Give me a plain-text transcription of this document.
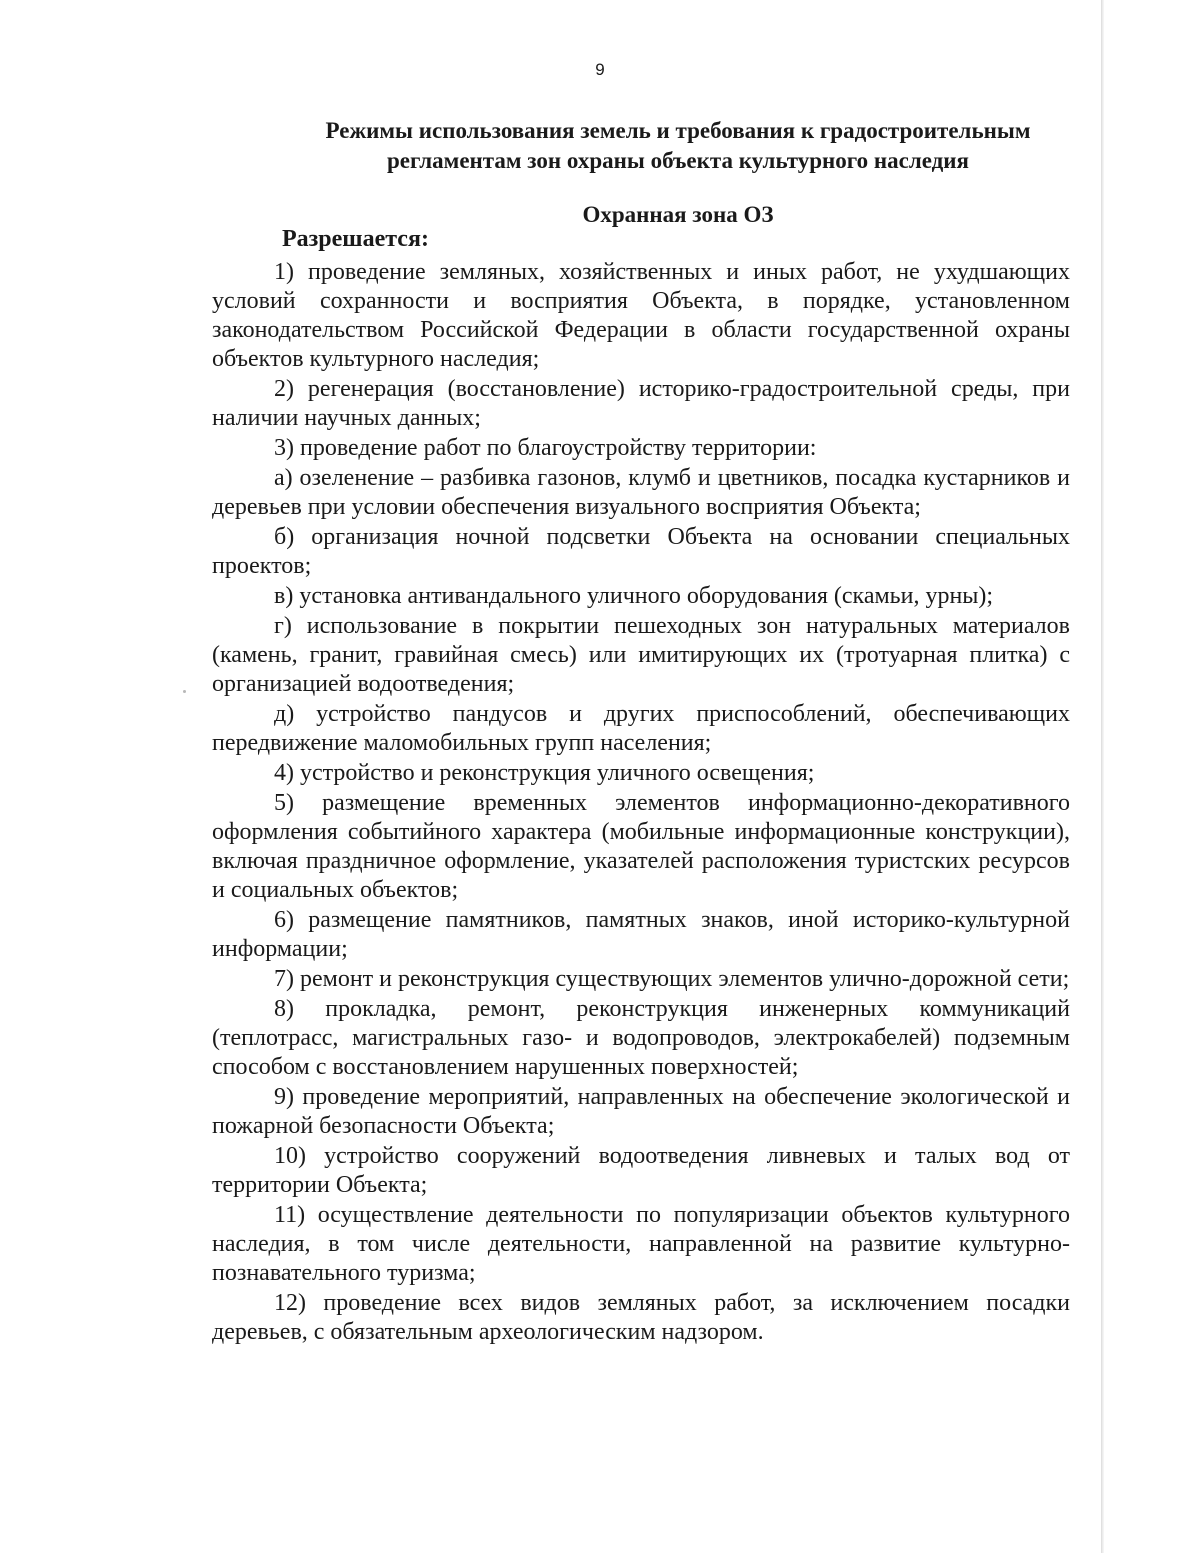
9
Режимы использования земель и требования к градостроительным
регламентам зон охраны объекта культурного наследия
Охранная зона ОЗ
Разрешается:

1) проведение земляных, хозяйственных и иных работ, не ухудшающих условий сохранности и восприятия Объекта, в порядке, установленном законодательством Российской Федерации в области государственной охраны объектов культурного наследия;

2) регенерация (восстановление) историко-градостроительной среды, при наличии научных данных;

3) проведение работ по благоустройству территории:

а) озеленение – разбивка газонов, клумб и цветников, посадка кустарников и деревьев при условии обеспечения визуального восприятия Объекта;

б) организация ночной подсветки Объекта на основании специальных проектов;

в) установка антивандального уличного оборудования (скамьи, урны);

г) использование в покрытии пешеходных зон натуральных материалов (камень, гранит, гравийная смесь) или имитирующих их (тротуарная плитка) с организацией водоотведения;

д) устройство пандусов и других приспособлений, обеспечивающих передвижение маломобильных групп населения;

4) устройство и реконструкция уличного освещения;

5) размещение временных элементов информационно-декоративного оформления событийного характера (мобильные информационные конструкции), включая праздничное оформление, указателей расположения туристских ресурсов и социальных объектов;

6) размещение памятников, памятных знаков, иной историко-культурной информации;

7) ремонт и реконструкция существующих элементов улично-дорожной сети;

8) прокладка, ремонт, реконструкция инженерных коммуникаций (теплотрасс, магистральных газо- и водопроводов, электрокабелей) подземным способом с восстановлением нарушенных поверхностей;

9) проведение мероприятий, направленных на обеспечение экологической и пожарной безопасности Объекта;

10) устройство сооружений водоотведения ливневых и талых вод от территории Объекта;

11) осуществление деятельности по популяризации объектов культурного наследия, в том числе деятельности, направленной на развитие культурно-познавательного туризма;

12) проведение всех видов земляных работ, за исключением посадки деревьев, с обязательным археологическим надзором.
